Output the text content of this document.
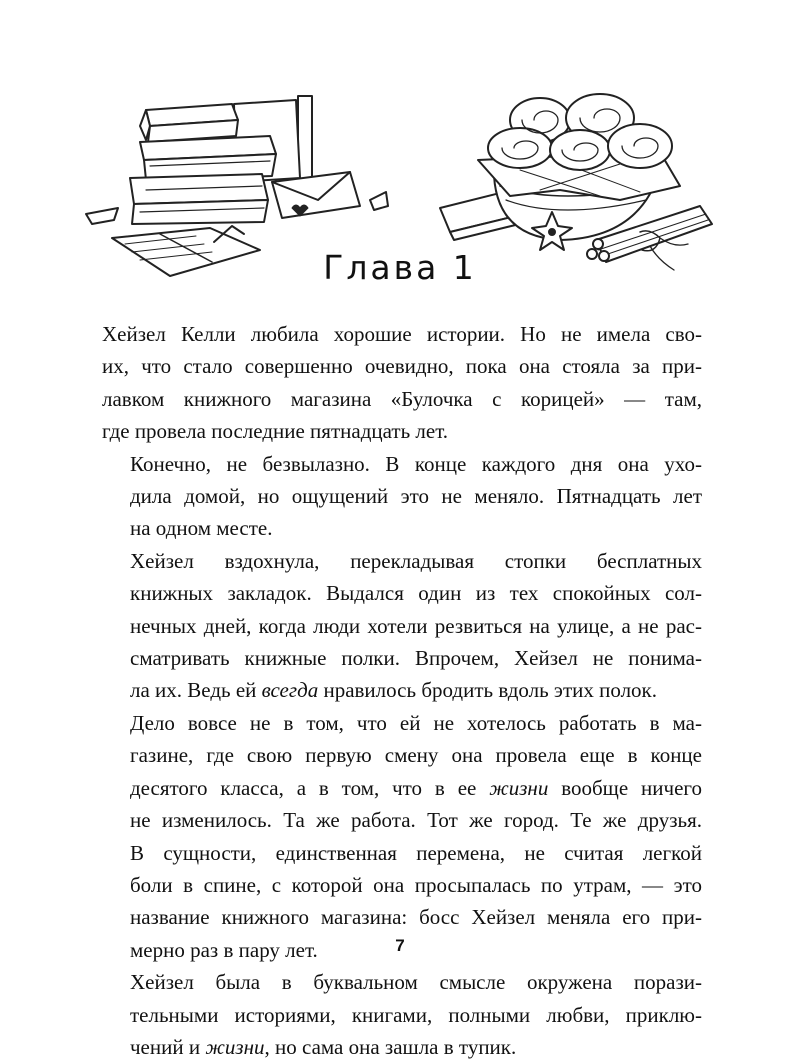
Глава 1

Хейзел Келли любила хорошие истории. Но не имела сво-
их, что стало совершенно очевидно, пока она стояла за при-
лавком книжного магазина «Булочка с корицей» — там,
где провела последние пятнадцать лет.

Конечно, не безвылазно. В конце каждого дня она ухо-
дила домой, но ощущений это не меняло. Пятнадцать лет
на одном месте.

Хейзел вздохнула, перекладывая стопки бесплатных
книжных закладок. Выдался один из тех спокойных сол-
нечных дней, когда люди хотели резвиться на улице, а не рас-
сматривать книжные полки. Впрочем, Хейзел не понима-
ла их. Ведь ей всегда нравилось бродить вдоль этих полок.

Дело вовсе не в том, что ей не хотелось работать в ма-
газине, где свою первую смену она провела еще в конце
десятого класса, а в том, что в ее жизни вообще ничего
не изменилось. Та же работа. Тот же город. Те же друзья.
В сущности, единственная перемена, не считая легкой
боли в спине, с которой она просыпалась по утрам, — это
название книжного магазина: босс Хейзел меняла его при-
мерно раз в пару лет.

Хейзел была в буквальном смысле окружена порази-
тельными историями, книгами, полными любви, приклю-
чений и жизни, но сама она зашла в тупик.

7
